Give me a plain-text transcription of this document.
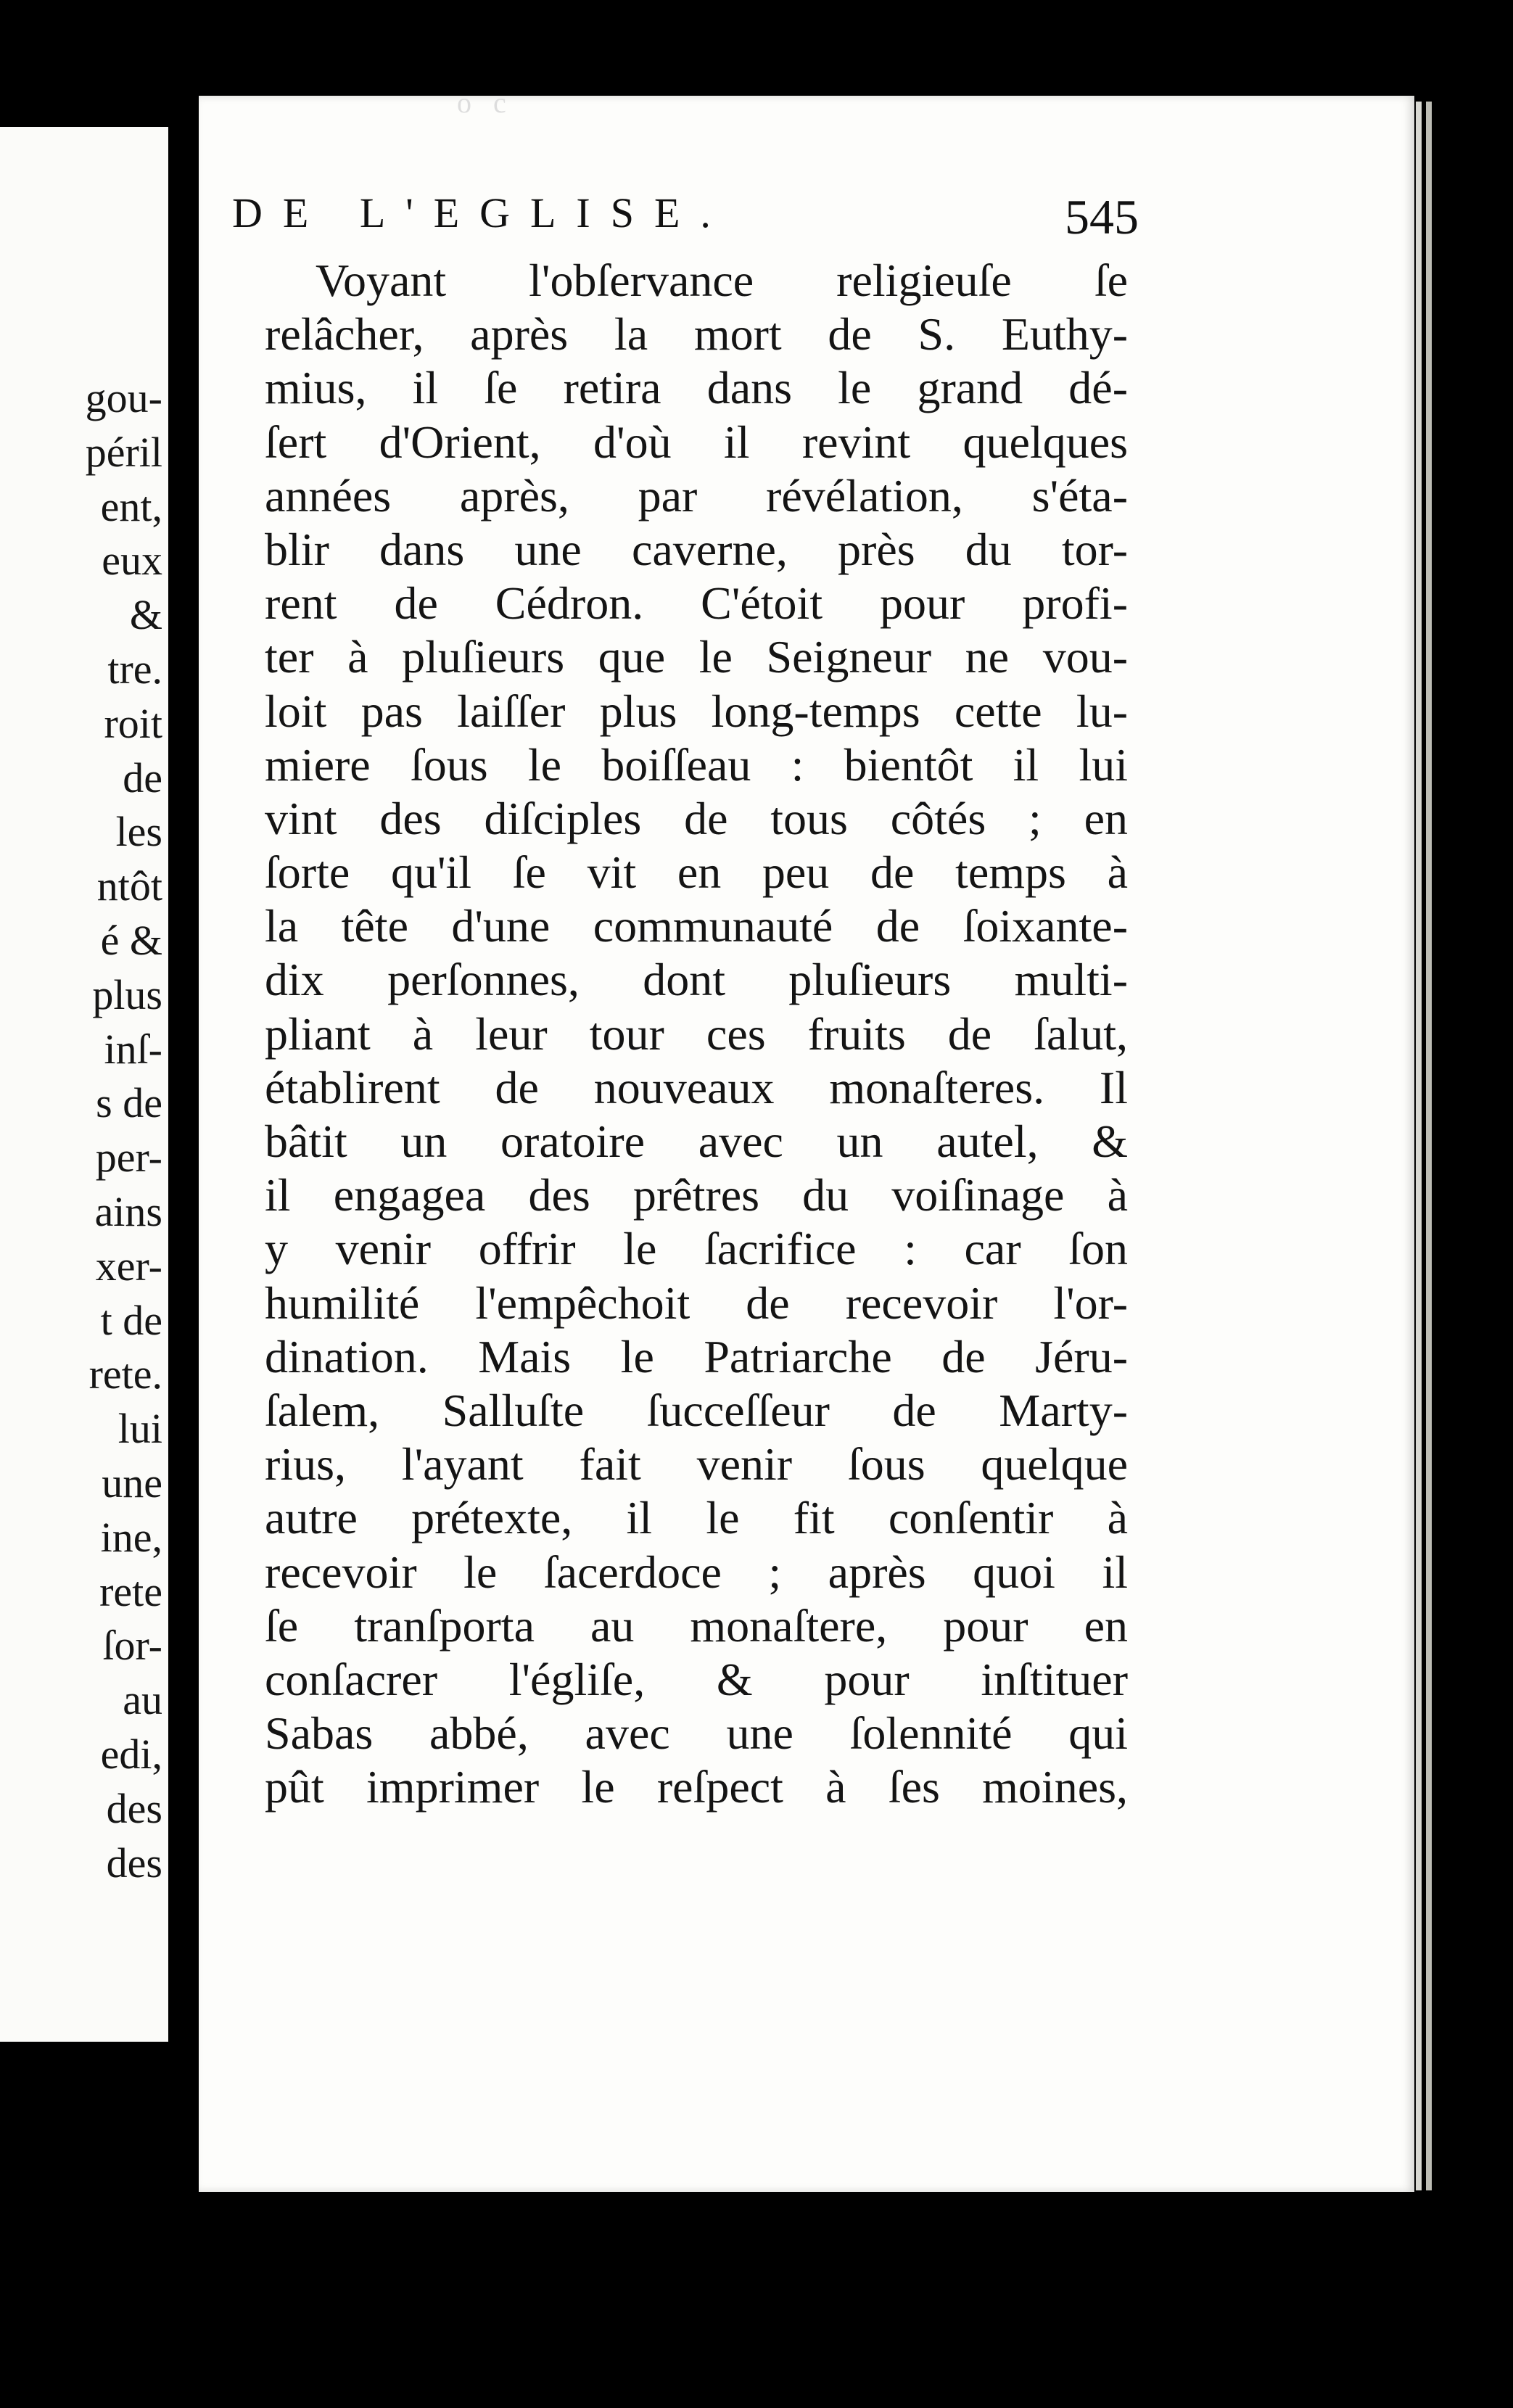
gou-
péril
ent,
eux
&
tre.
roit
de
les
ntôt
é &
plus
inſ-
s de
per-
ains
xer-
t de
rete.
lui
une
ine,
rete
ſor-
au
edi,
des
des
o   c
DE L'EGLISE.	545
Voyant l'obſervance religieuſe ſe
relâcher, après la mort de S. Euthy-
mius, il ſe retira dans le grand dé-
ſert d'Orient, d'où il revint quelques
années après, par révélation, s'éta-
blir dans une caverne, près du tor-
rent de Cédron. C'étoit pour profi-
ter à pluſieurs que le Seigneur ne vou-
loit pas laiſſer plus long-temps cette lu-
miere ſous le boiſſeau : bientôt il lui
vint des diſciples de tous côtés ; en
ſorte qu'il ſe vit en peu de temps à
la tête d'une communauté de ſoixante-
dix perſonnes, dont pluſieurs multi-
pliant à leur tour ces fruits de ſalut,
établirent de nouveaux monaſteres. Il
bâtit un oratoire avec un autel, &
il engagea des prêtres du voiſinage à
y venir offrir le ſacrifice : car ſon
humilité l'empêchoit de recevoir l'or-
dination. Mais le Patriarche de Jéru-
ſalem, Salluſte ſucceſſeur de Marty-
rius, l'ayant fait venir ſous quelque
autre prétexte, il le fit conſentir à
recevoir le ſacerdoce ; après quoi il
ſe tranſporta au monaſtere, pour en
conſacrer l'égliſe, & pour inſtituer
Sabas abbé, avec une ſolennité qui
pût imprimer le reſpect à ſes moines,
